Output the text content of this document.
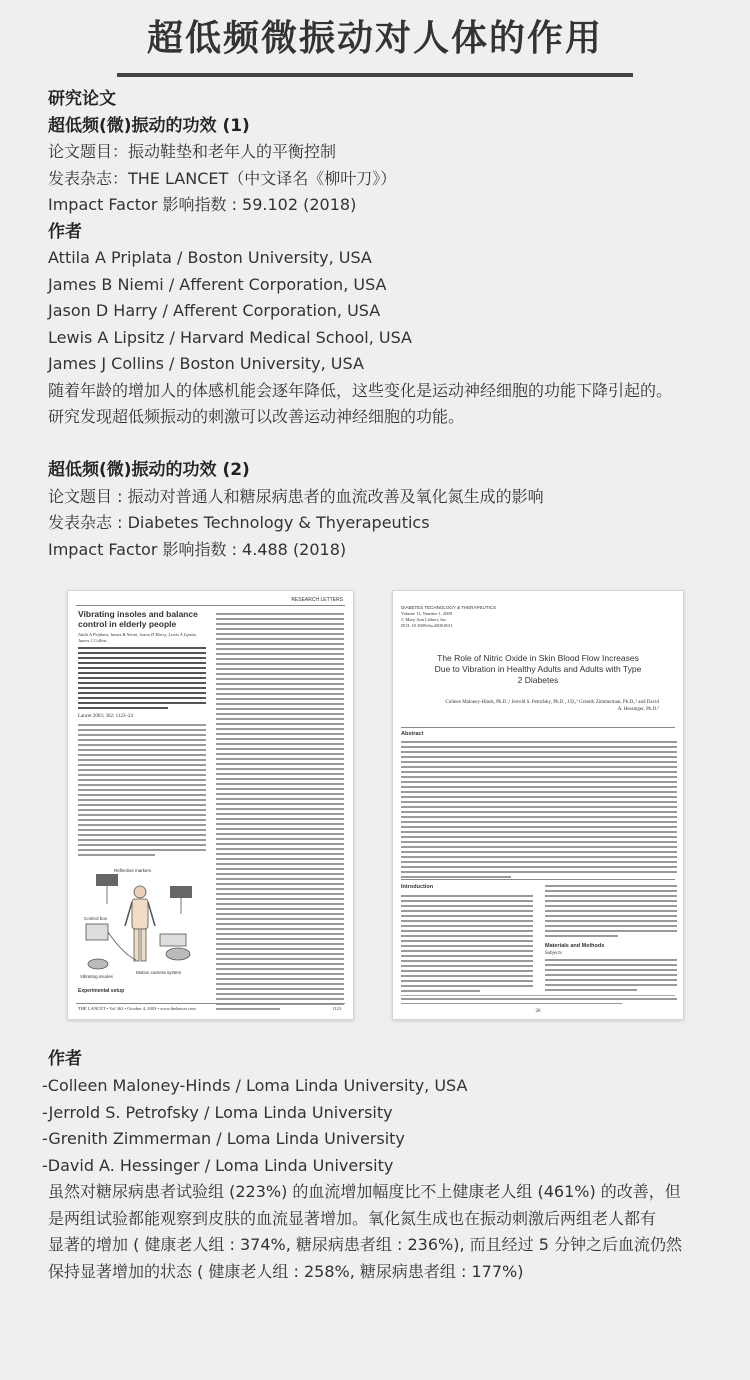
超低频微振动对人体的作用
研究论文
超低频(微)振动的功效 (1)
论文题目：振动鞋垫和老年人的平衡控制
发表杂志：THE LANCET（中文译名《柳叶刀》）
Impact Factor 影响指数 : 59.102 (2018)
作者
Attila A Priplata / Boston University, USA
James B Niemi / Afferent Corporation, USA
Jason D Harry / Afferent Corporation, USA
Lewis A Lipsitz / Harvard Medical School, USA
James J Collins / Boston University, USA
随着年龄的增加人的体感机能会逐年降低，这些变化是运动神经细胞的功能下降引起的。
研究发现超低频振动的刺激可以改善运动神经细胞的功能。
超低频(微)振动的功效 (2)
论文题目 : 振动对普通人和糖尿病患者的血流改善及氧化氮生成的影响
发表杂志 : Diabetes Technology & Thyerapeutics
Impact Factor 影响指数 : 4.488 (2018)
RESEARCH LETTERS
Vibrating insoles and balance control in elderly people
Attila A Priplata, James B Niemi, Jason D Harry, Lewis A Lipsitz, James J Collins
Lancet 2003; 362: 1123–24
Reflective markers
Motion camera system
Control box
Vibrating insoles
Experimental setup
THE LANCET • Vol 362 • October 4, 2003 • www.thelancet.com	1123
DIABETES TECHNOLOGY & THERAPEUTICS
Volume 11, Number 1, 2009
© Mary Ann Liebert, Inc.
DOI: 10.1089/dia.2008.0011
The Role of Nitric Oxide in Skin Blood Flow Increases Due to Vibration in Healthy Adults and Adults with Type 2 Diabetes
Colleen Maloney-Hinds, Ph.D.,¹ Jerrold S. Petrofsky, Ph.D., J.D.,¹ Grenith Zimmerman, Ph.D.,² and David A. Hessinger, Ph.D.³
Abstract
Introduction
Materials and Methods
Subjects
26
作者
-Colleen Maloney-Hinds / Loma Linda University, USA
-Jerrold S. Petrofsky / Loma Linda University
-Grenith Zimmerman / Loma Linda University
-David A. Hessinger / Loma Linda University
虽然对糖尿病患者试验组 (223%) 的血流增加幅度比不上健康老人组 (461%) 的改善，但
是两组试验都能观察到皮肤的血流显著增加。氧化氮生成也在振动刺激后两组老人都有
显著的增加 ( 健康老人组 : 374%, 糖尿病患者组 : 236%), 而且经过 5 分钟之后血流仍然
保持显著增加的状态 ( 健康老人组 : 258%, 糖尿病患者组 : 177%)
